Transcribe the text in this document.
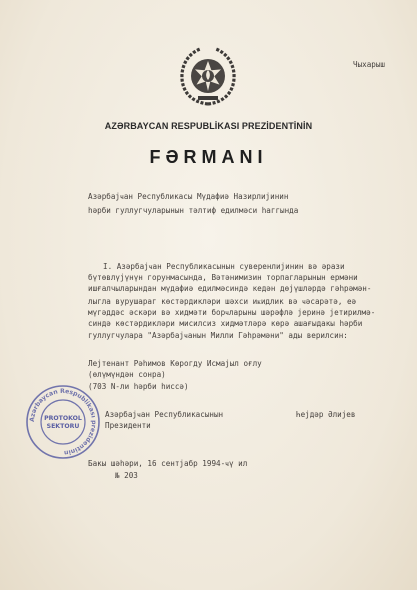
Чыхарыш
AZƏRBAYCAN RESPUBLİKASI PREZİDENTİNİN
FƏRMANI
Азәрбајҹан Республикасы Мүдафиә Назирлијинин
һәрби гуллугчуларынын тәлтиф едилмәси һаггында
I. Азәрбајҹан Республикасынын суверенлијинин вә әрази
бүтөвлүјүнүн горунмасында, Вәтәнимизин торпагларынын ермәни
ишғалчыларындан мүдафиә едилмәсиндә кедән дөјүшләрдә гәһрәмән-
лыгла вурушараг көстәрдикләри шәхси иҝидлик вә ҹәсарәтә, еә
мүгәддәс әскәри вә хидмәти борҹларыны шәрәфлә јеринә јетирилмә-
синдә көстәрдикләри мисилсиз хидмәтләрә көрә ашағыдакы һәрби
гуллугчулара "Азәрбајҹанын Милли Гәһрәмәни" ады верилсин:
Лејтенант Рәһимов Көрогду Исмајыл оғлу
(өлүмүндән сонра)
(703 N-ли һәрби һиссә)
Азәрбајҹан Республикасынын
Президенти
Һејдәр Әлијев
Бакы шәһәри, 16 сентјабр 1994-ҹү ил
№ 203
Azərbaycan Respublikası prezidentinin
PROTOKOL
SEKTORU
